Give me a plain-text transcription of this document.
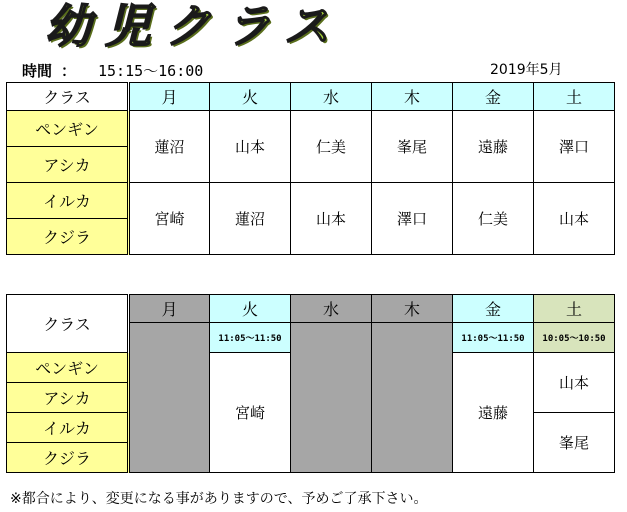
幼児クラス
時間 ： 15:15〜16:00	2019年5月
クラス	月	火	水	木	金	土
ペンギン	蓮沼	山本	仁美	峯尾	遠藤	澤口
アシカ						
イルカ	宮崎	蓮沼	山本	澤口	仁美	山本
クジラ						
クラス	月	火	水	木	金	土
		11:05〜11:50			11:05〜11:50	10:05〜10:50
ペンギン		宮崎			遠藤	山本
アシカ						
イルカ						峯尾
クジラ						
※都合により、変更になる事がありますので、予めご了承下さい。
